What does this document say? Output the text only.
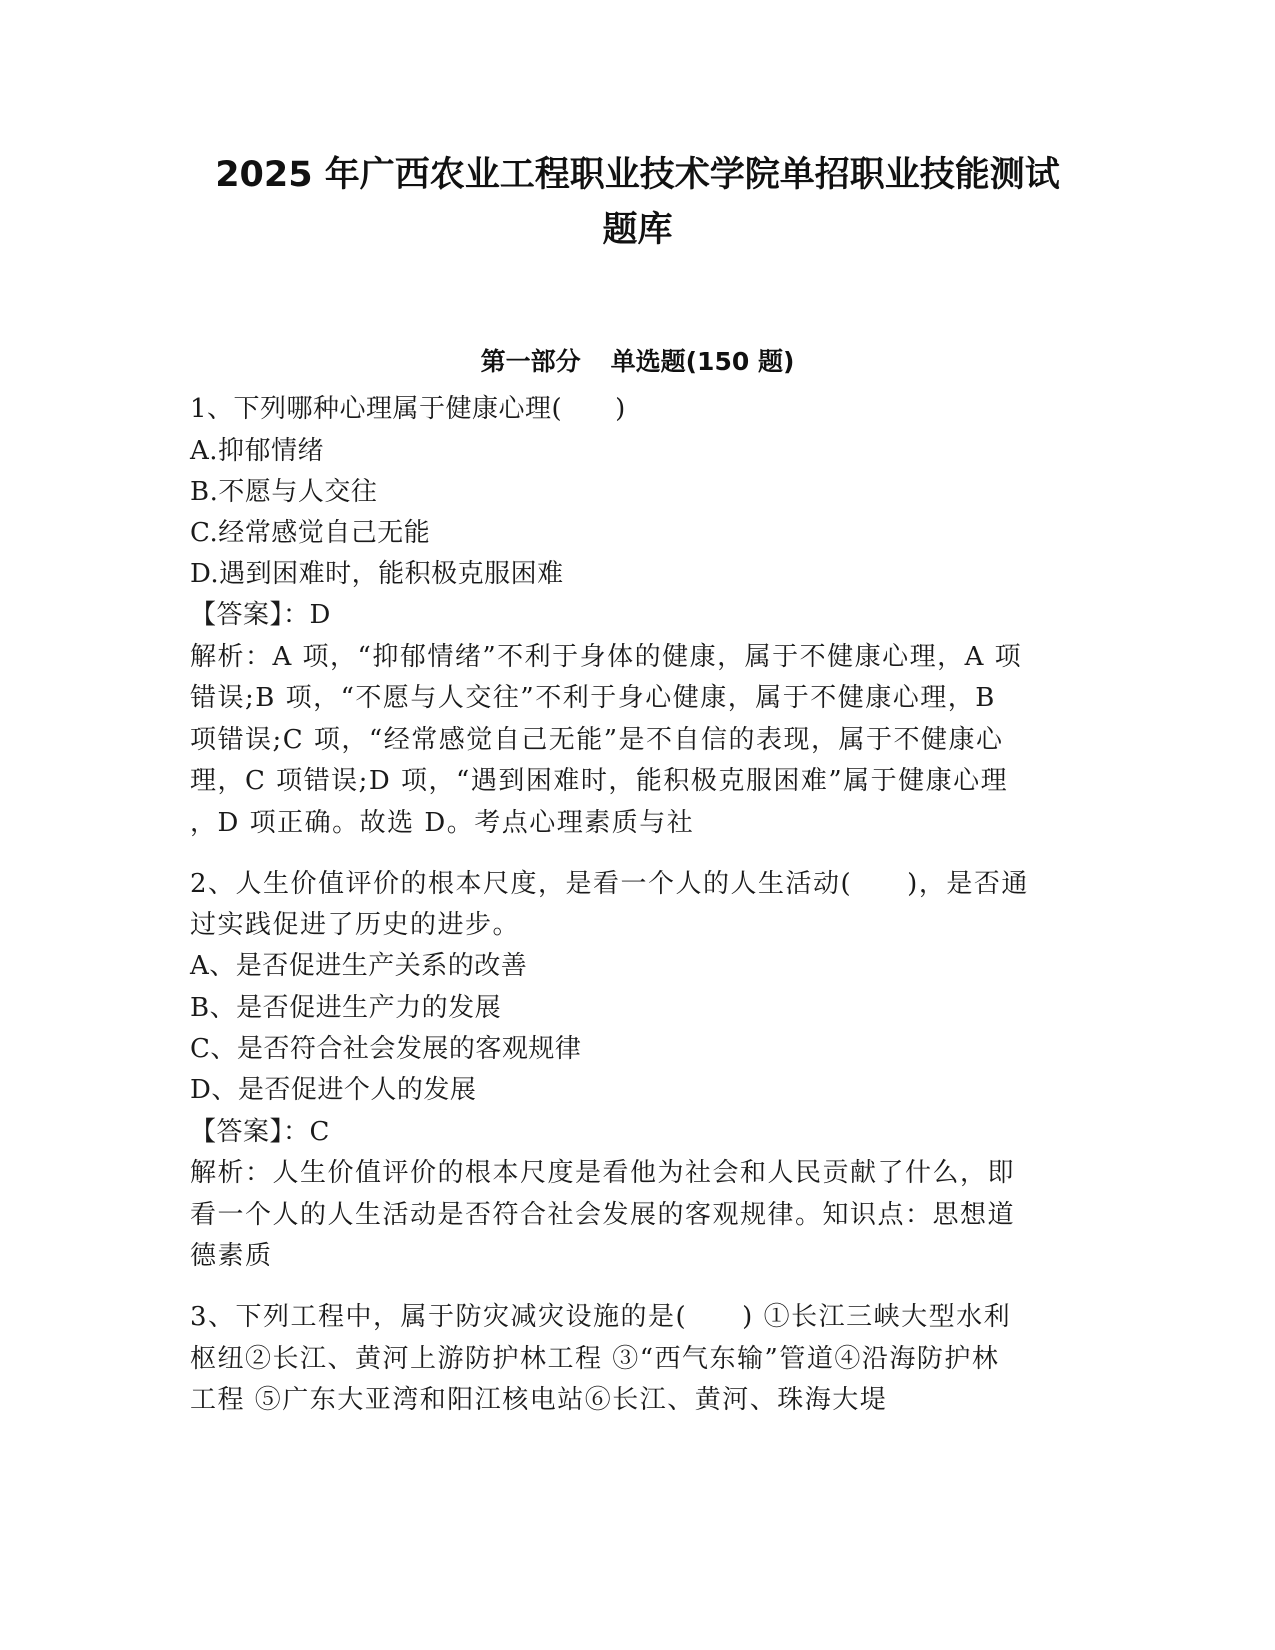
2025 年广西农业工程职业技术学院单招职业技能测试
题库
第一部分 单选题(150 题)
1、下列哪种心理属于健康心理(　　)
A.抑郁情绪
B.不愿与人交往
C.经常感觉自己无能
D.遇到困难时，能积极克服困难
【答案】：D
解析：A 项，“抑郁情绪”不利于身体的健康，属于不健康心理，A 项
错误;B 项，“不愿与人交往”不利于身心健康，属于不健康心理，B
项错误;C 项，“经常感觉自己无能”是不自信的表现，属于不健康心
理，C 项错误;D 项，“遇到困难时，能积极克服困难”属于健康心理
，D 项正确。故选 D。考点心理素质与社
2、人生价值评价的根本尺度，是看一个人的人生活动(　　)，是否通
过实践促进了历史的进步。
A、是否促进生产关系的改善
B、是否促进生产力的发展
C、是否符合社会发展的客观规律
D、是否促进个人的发展
【答案】：C
解析：人生价值评价的根本尺度是看他为社会和人民贡献了什么，即
看一个人的人生活动是否符合社会发展的客观规律。知识点：思想道
德素质
3、下列工程中，属于防灾减灾设施的是(　　) ①长江三峡大型水利
枢纽②长江、黄河上游防护林工程 ③“西气东输”管道④沿海防护林
工程 ⑤广东大亚湾和阳江核电站⑥长江、黄河、珠海大堤
